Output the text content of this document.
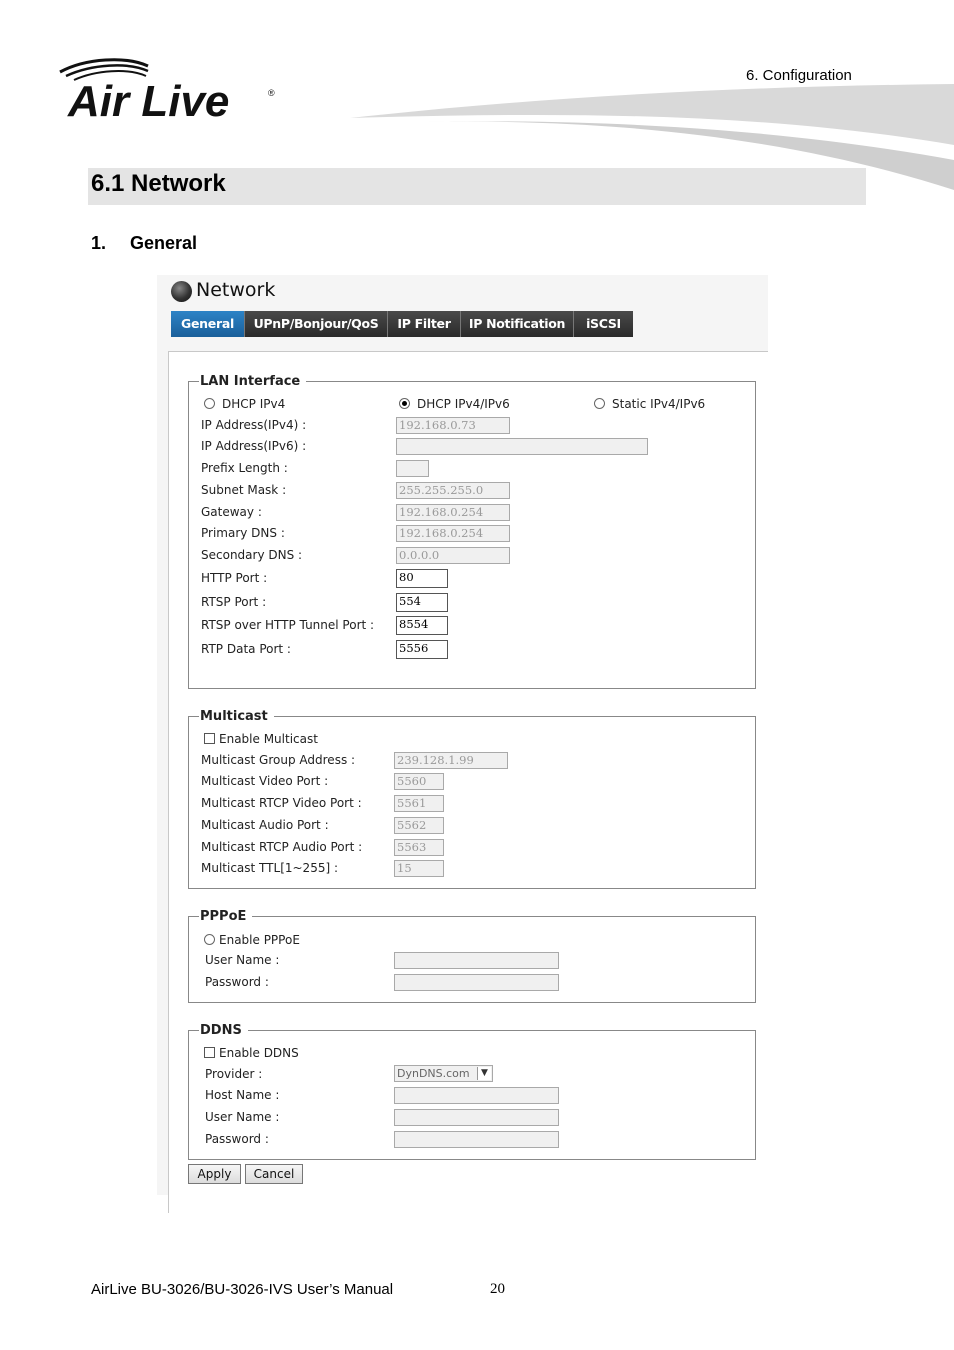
Air Live	®
6. Configuration
6.1 Network
1. General
Network
General	UPnP/Bonjour/QoS	IP Filter	IP Notification	iSCSI
LAN Interface
DHCP IPv4	DHCP IPv4/IPv6	Static IPv4/IPv6
IP Address(IPv4) :	192.168.0.73
IP Address(IPv6) :
Prefix Length :
Subnet Mask :	255.255.255.0
Gateway :	192.168.0.254
Primary DNS :	192.168.0.254
Secondary DNS :	0.0.0.0
HTTP Port :	80
RTSP Port :	554
RTSP over HTTP Tunnel Port : 8554
RTP Data Port :	5556
Multicast
Enable Multicast
Multicast Group Address :	239.128.1.99
Multicast Video Port :	5560
Multicast RTCP Video Port :	5561
Multicast Audio Port :	5562
Multicast RTCP Audio Port :	5563
Multicast TTL[1~255] :	15
PPPoE
Enable PPPoE
User Name :
Password :
DDNS
Enable DDNS
Provider :	DynDNS.com	▼
Host Name :
User Name :
Password :
Apply	Cancel
AirLive BU-3026/BU-3026-IVS User’s Manual	20
